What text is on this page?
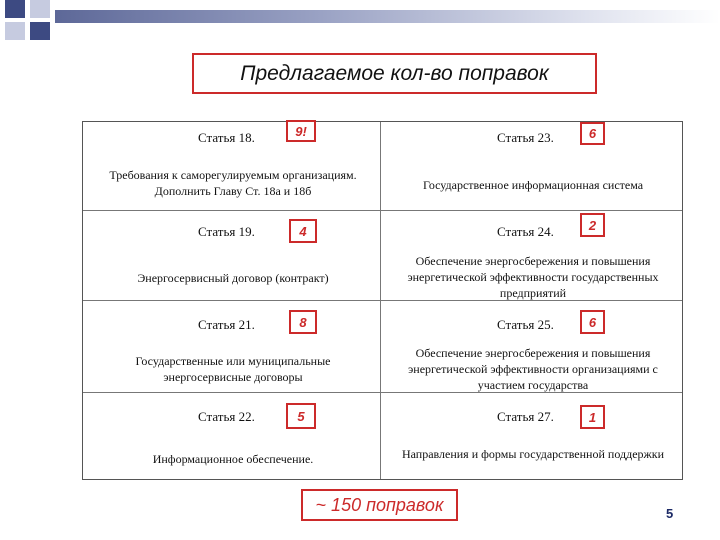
Предлагаемое кол-во поправок
Статья 18.
Требования к саморегулируемым организациям. Дополнить Главу Ст. 18а и 18б
Статья 19.
Энергосервисный договор (контракт)
Статья 21.
Государственные или муниципальные энергосервисные договоры
Статья 22.
Информационное обеспечение.
Статья 23.
Государственное информационная система
Статья 24.
Обеспечение энергосбережения и повышения энергетической эффективности государственных предприятий
Статья 25.
Обеспечение энергосбережения и повышения энергетической эффективности организациями с участием государства
Статья 27.
Направления и формы государственной поддержки
9!
4
8
5
6
2
6
1
~ 150 поправок	5
